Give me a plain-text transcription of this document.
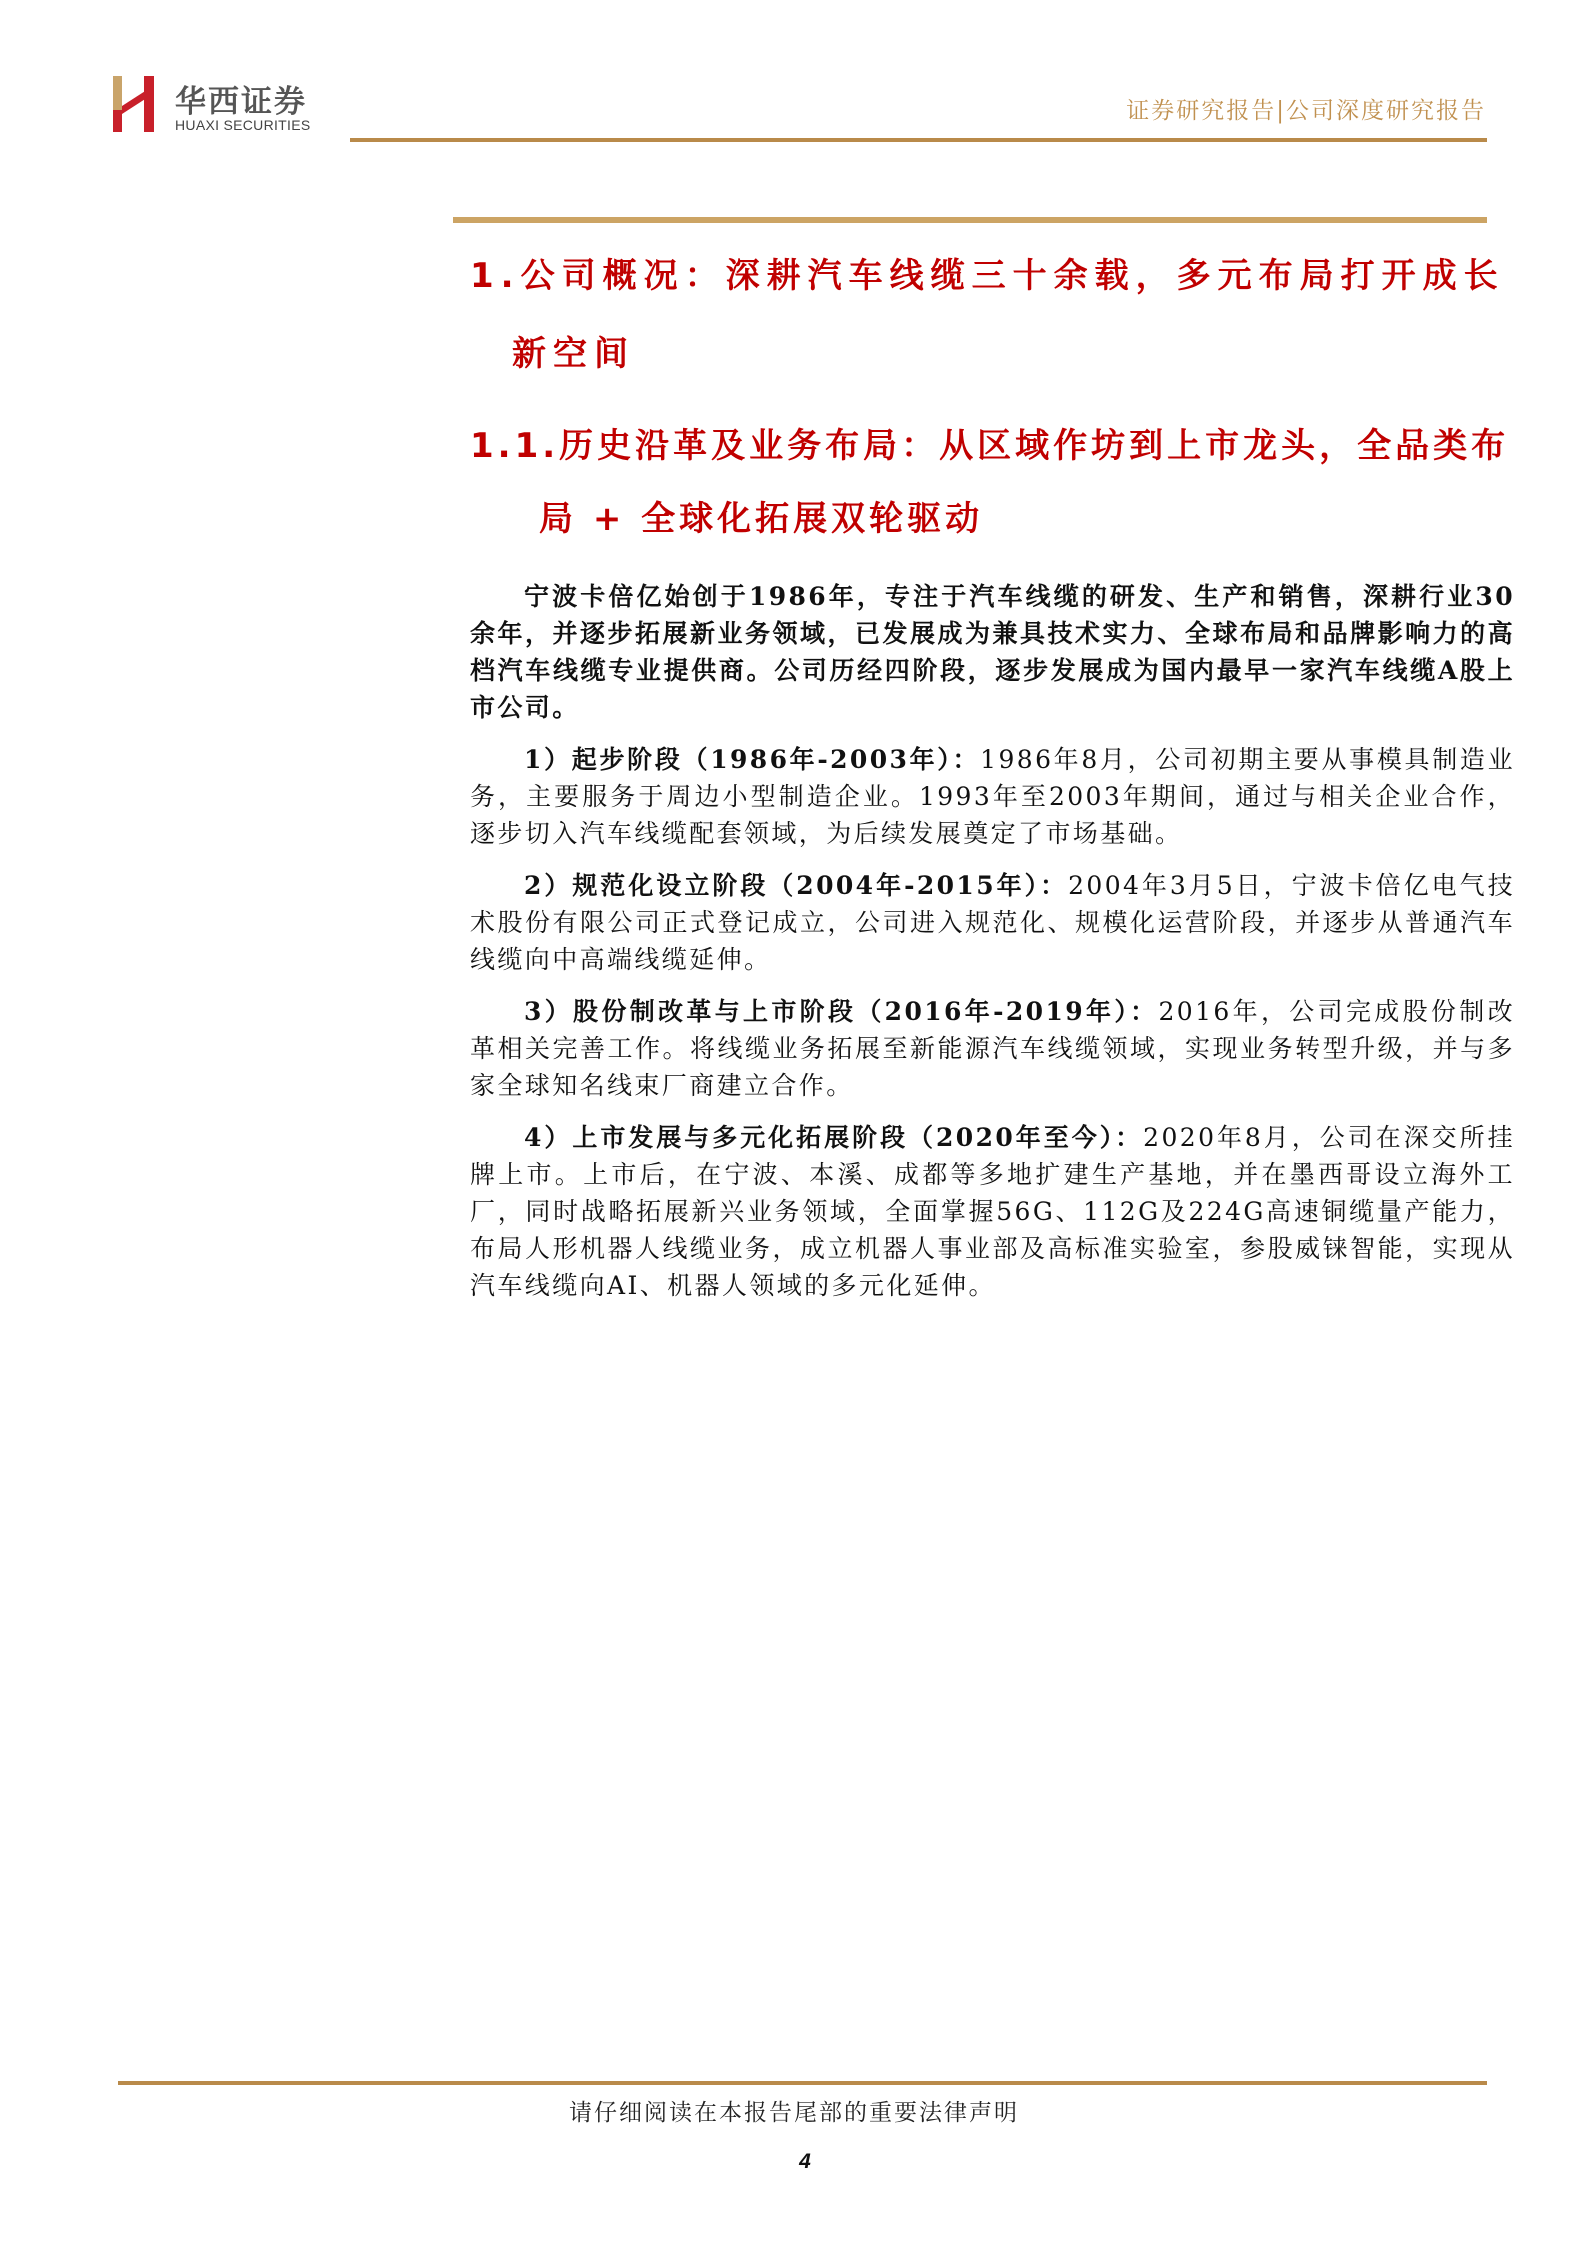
华西证券
HUAXI SECURITIES
证券研究报告|公司深度研究报告
1.公司概况：深耕汽车线缆三十余载，多元布局打开成长
新空间
1.1.历史沿革及业务布局：从区域作坊到上市龙头，全品类布
局 + 全球化拓展双轮驱动

宁波卡倍亿始创于1986年，专注于汽车线缆的研发、生产和销售，深耕行业30余年，并逐步拓展新业务领域，已发展成为兼具技术实力、全球布局和品牌影响力的高档汽车线缆专业提供商。公司历经四阶段，逐步发展成为国内最早一家汽车线缆A股上市公司。

1）起步阶段（1986年-2003年）：1986年8月，公司初期主要从事模具制造业务，主要服务于周边小型制造企业。1993年至2003年期间，通过与相关企业合作，逐步切入汽车线缆配套领域，为后续发展奠定了市场基础。

2）规范化设立阶段（2004年-2015年）：2004年3月5日，宁波卡倍亿电气技术股份有限公司正式登记成立，公司进入规范化、规模化运营阶段，并逐步从普通汽车线缆向中高端线缆延伸。

3）股份制改革与上市阶段（2016年-2019年）：2016年，公司完成股份制改革相关完善工作。将线缆业务拓展至新能源汽车线缆领域，实现业务转型升级，并与多家全球知名线束厂商建立合作。

4）上市发展与多元化拓展阶段（2020年至今）：2020年8月，公司在深交所挂牌上市。上市后，在宁波、本溪、成都等多地扩建生产基地，并在墨西哥设立海外工厂，同时战略拓展新兴业务领域，全面掌握56G、112G及224G高速铜缆量产能力，布局人形机器人线缆业务，成立机器人事业部及高标准实验室，参股威铼智能，实现从汽车线缆向AI、机器人领域的多元化延伸。

请仔细阅读在本报告尾部的重要法律声明
4
